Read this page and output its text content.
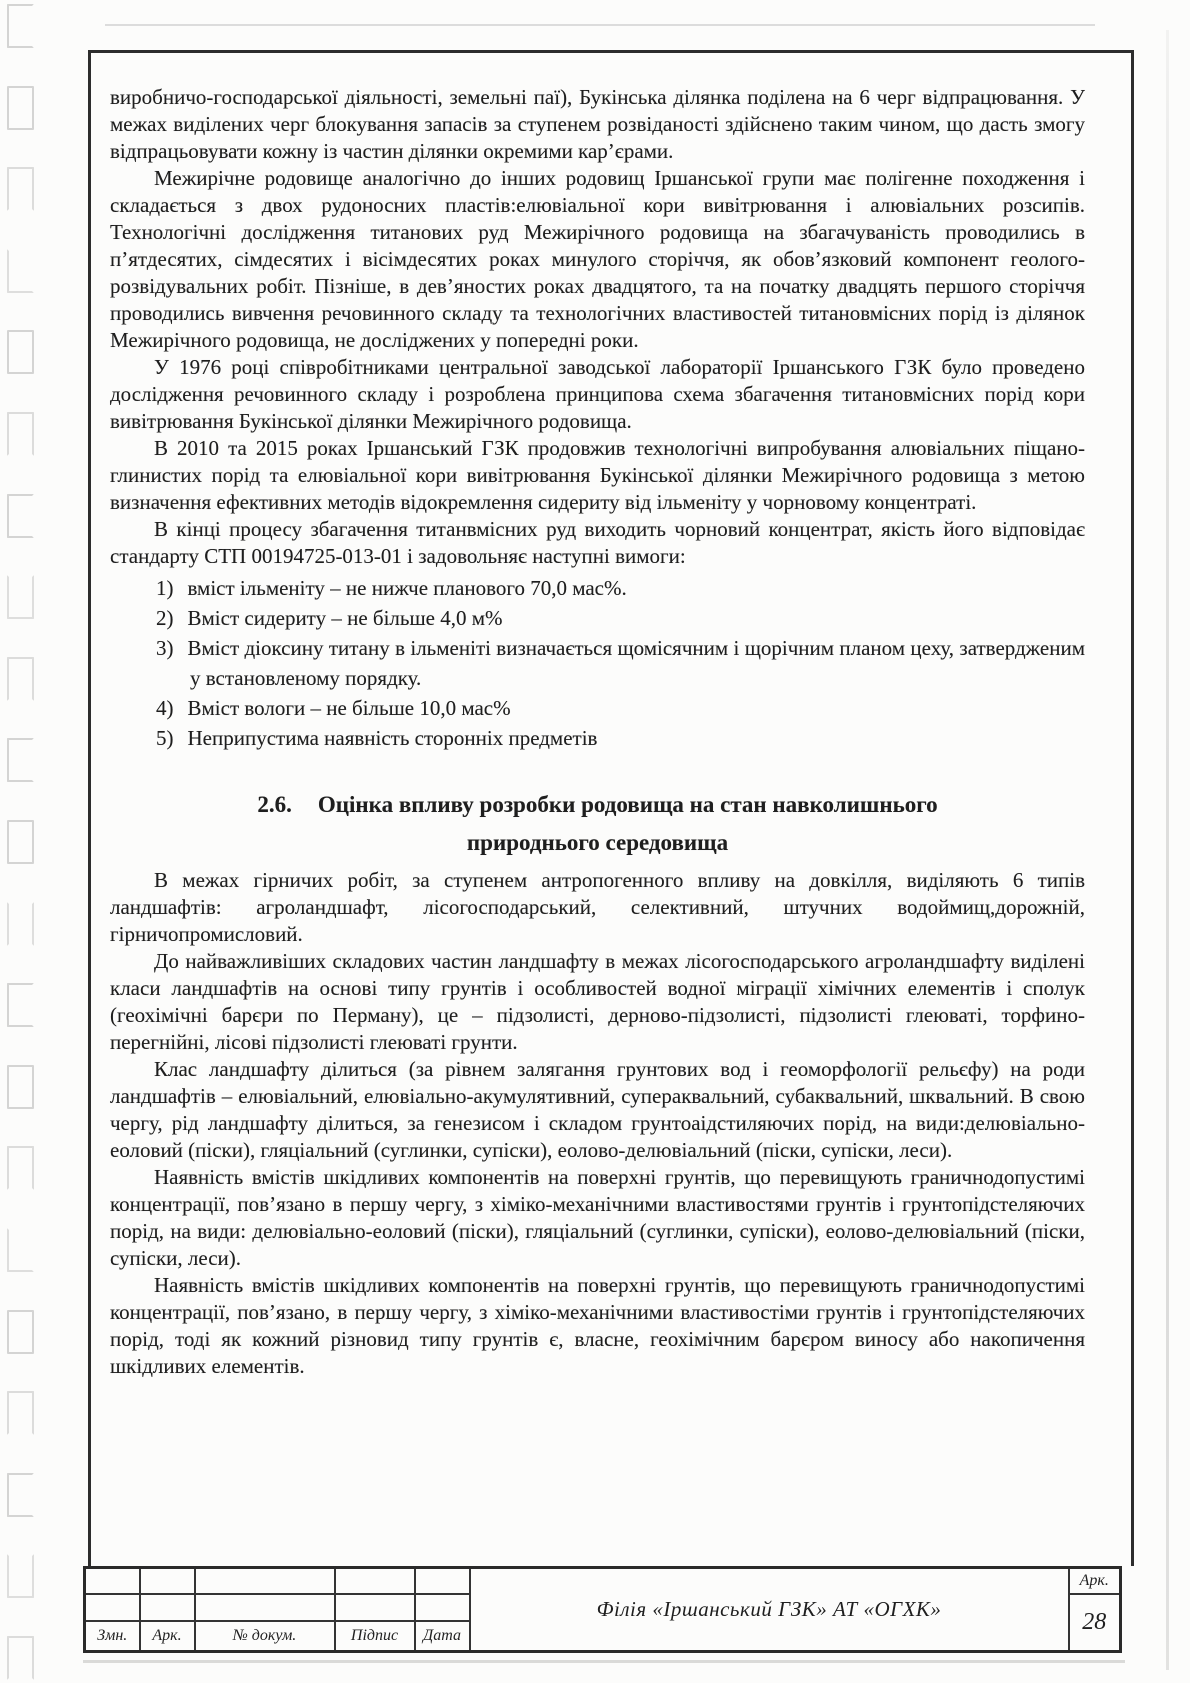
виробничо-господарської діяльності, земельні паї), Букінська ділянка поділена на 6 черг відпрацювання. У межах виділених черг блокування запасів за ступенем розвіданості здійснено таким чином, що дасть змогу відпрацьовувати кожну із частин ділянки окремими кар’єрами.

Межирічне родовище аналогічно до інших родовищ Іршанської групи має полігенне походження і складається з двох рудоносних пластів:елювіальної кори вивітрювання і алювіальних розсипів. Технологічні дослідження титанових руд Межирічного родовища на збагачуваність проводились в п’ятдесятих, сімдесятих і вісімдесятих роках минулого сторіччя, як обов’язковий компонент геолого-розвідувальних робіт. Пізніше, в дев’яностих роках двадцятого, та на початку двадцять першого сторіччя проводились вивчення речовинного складу та технологічних властивостей титановмісних порід із ділянок Межирічного родовища, не досліджених у попередні роки.

У 1976 році співробітниками центральної заводської лабораторії Іршанського ГЗК було проведено дослідження речовинного складу і розроблена принципова схема збагачення титановмісних порід кори вивітрювання Букінської ділянки Межирічного родовища.

В 2010 та 2015 роках Іршанський ГЗК продовжив технологічні випробування алювіальних піщано-глинистих порід та елювіальної кори вивітрювання Букінської ділянки Межирічного родовища з метою визначення ефективних методів відокремлення сидериту від ільменіту у чорновому концентраті.

В кінці процесу збагачення титанвмісних руд виходить чорновий концентрат, якість його відповідає стандарту СТП 00194725-013-01 і задовольняє наступні вимоги:

1) вміст ільменіту – не нижче планового 70,0 мас%.

2) Вміст сидериту – не більше 4,0 м%

3) Вміст діоксину титану в ільменіті визначається щомісячним і щорічним планом цеху, затвердженим у встановленому порядку.

4) Вміст вологи – не більше 10,0 мас%

5) Неприпустима наявність сторонніх предметів

2.6. Оцінка впливу розробки родовища на стан навколишнього
природнього середовища

В межах гірничих робіт, за ступенем антропогенного впливу на довкілля, виділяють 6 типів ландшафтів: агроландшафт, лісогосподарський, селективний, штучних водоймищ,дорожній, гірничопромисловий.

До найважливіших складових частин ландшафту в межах лісогосподарського агроландшафту виділені класи ландшафтів на основі типу грунтів і особливостей водної міграції хімічних елементів і сполук (геохімічні барєри по Перману), це – підзолисті, дерново-підзолисті, підзолисті глеюваті, торфино-перегнійні, лісові підзолисті глеюваті грунти.

Клас ландшафту ділиться (за рівнем залягання грунтових вод і геоморфології рельєфу) на роди ландшафтів – елювіальний, елювіально-акумулятивний, супераквальний, субаквальний, шквальний. В свою чергу, рід ландшафту ділиться, за генезисом і складом грунтоаідстиляючих порід, на види:делювіально-еоловий (піски), гляціальний (суглинки, супіски), еолово-делювіальний (піски, супіски, леси).

Наявність вмістів шкідливих компонентів на поверхні грунтів, що перевищують граничнодопустимі концентрації, пов’язано в першу чергу, з хіміко-механічними властивостями грунтів і грунтопідстеляючих порід, на види: делювіально-еоловий (піски), гляціальний (суглинки, супіски), еолово-делювіальний (піски, супіски, леси).

Наявність вмістів шкідливих компонентів на поверхні грунтів, що перевищують граничнодопустимі концентрації, пов’язано, в першу чергу, з хіміко-механічними властивостіми грунтів і грунтопідстеляючих порід, тоді як кожний різновид типу грунтів є, власне, геохімічним барєром виносу або накопичення шкідливих елементів.

					Філія «Іршанський ГЗК» АТ «ОГХК»	Арк.
						28
Змн.	Арк.	№ докум.	Підпис	Дата		
